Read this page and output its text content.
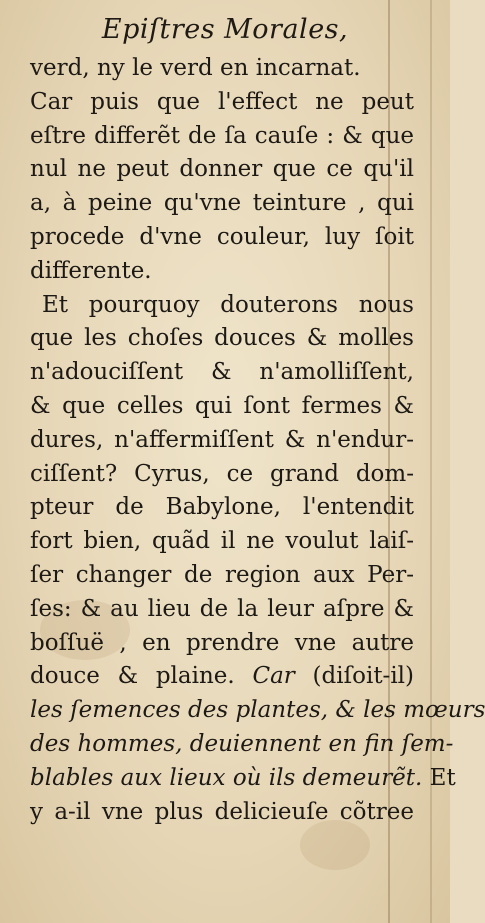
Epiſtres Morales,
verd, ny le verd en incarnat.
Car puis que l'effect ne peut
eſtre differẽt de ſa cauſe : & que
nul ne peut donner que ce qu'il
a, à peine qu'vne teinture , qui
procede d'vne couleur, luy ſoit
differente.
Et pourquoy douterons nous
que les choſes douces & molles
n'adouciſſent & n'amolliſſent,
& que celles qui ſont fermes &
dures, n'affermiſſent & n'endur-
ciſſent? Cyrus, ce grand dom-
pteur de Babylone, l'entendit
fort bien, quãd il ne voulut laiſ-
ſer changer de region aux Per-
ſes: & au lieu de la leur aſpre &
boſſuë , en prendre vne autre
douce & plaine. Car (diſoit-il)
les ſemences des plantes, & les mœurs
des hommes, deuiennent en fin ſem-
blables aux lieux où ils demeurẽt. Et
y a-il vne plus delicieuſe cõtree
